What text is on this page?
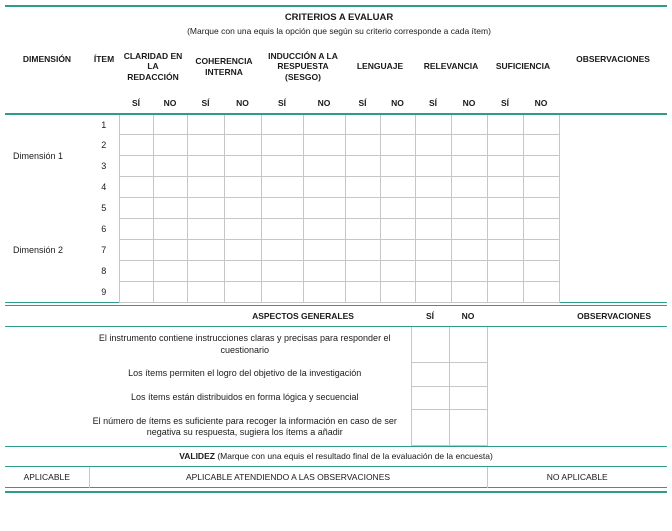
DIMENSIÓN	ÍTEM	CRITERIOS A EVALUAR
(Marque con una equis la opción que según su criterio corresponde a cada ítem)												OBSERVACIONES
		CLARIDAD EN LA REDACCIÓN		COHERENCIA INTERNA		INDUCCIÓN A LA RESPUESTA (SESGO)		LENGUAJE		RELEVANCIA		SUFICIENCIA		
		SÍ	NO	SÍ	NO	SÍ	NO	SÍ	NO	SÍ	NO	SÍ	NO	
Dimensión 1	1													
	2													
	3													
	4													
Dimensión 2	5													
	6													
	7													
	8													
	9													
ASPECTOS GENERALES	SÍ	NO	OBSERVACIONES
El instrumento contiene instrucciones claras y precisas para responder el cuestionario			
Los ítems permiten el logro del objetivo de la investigación			
Los ítems están distribuidos en forma lógica y secuencial			
El número de ítems es suficiente para recoger la información en caso de ser negativa su respuesta, sugiera los ítems a añadir			
VALIDEZ (Marque con una equis el resultado final de la evaluación de la encuesta)
APLICABLE	APLICABLE ATENDIENDO A LAS OBSERVACIONES	NO APLICABLE
